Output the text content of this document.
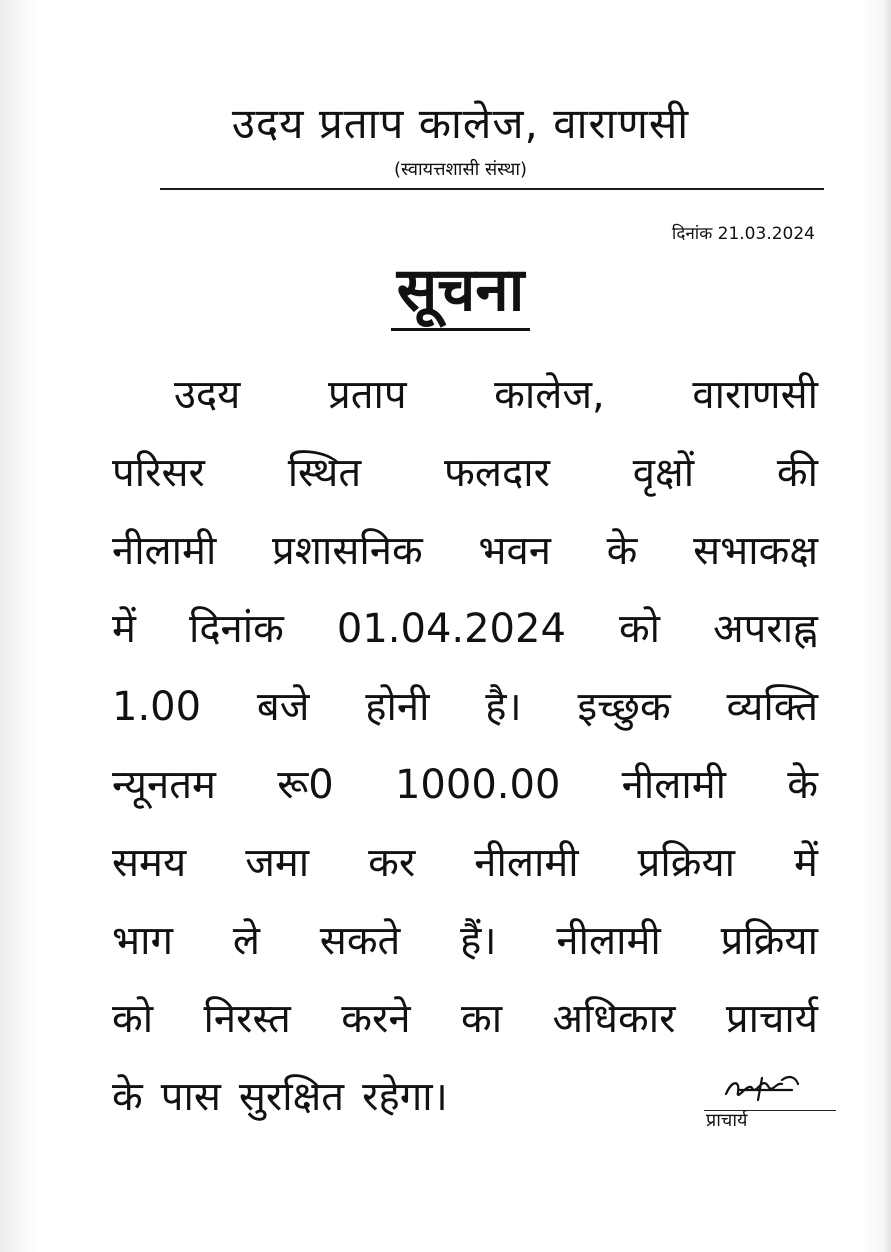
उदय प्रताप कालेज, वाराणसी
(स्वायत्तशासी संस्था)
दिनांक 21.03.2024
सूचना
उदय प्रताप कालेज, वाराणसी
परिसर स्थित फलदार वृक्षों की
नीलामी प्रशासनिक भवन के सभाकक्ष
में दिनांक 01.04.2024 को अपराह्न
1.00 बजे होनी है। इच्छुक व्यक्ति
न्यूनतम रू0 1000.00 नीलामी के
समय जमा कर नीलामी प्रक्रिया में
भाग ले सकते हैं। नीलामी प्रक्रिया
को निरस्त करने का अधिकार प्राचार्य
के पास सुरक्षित रहेगा।
प्राचार्य
